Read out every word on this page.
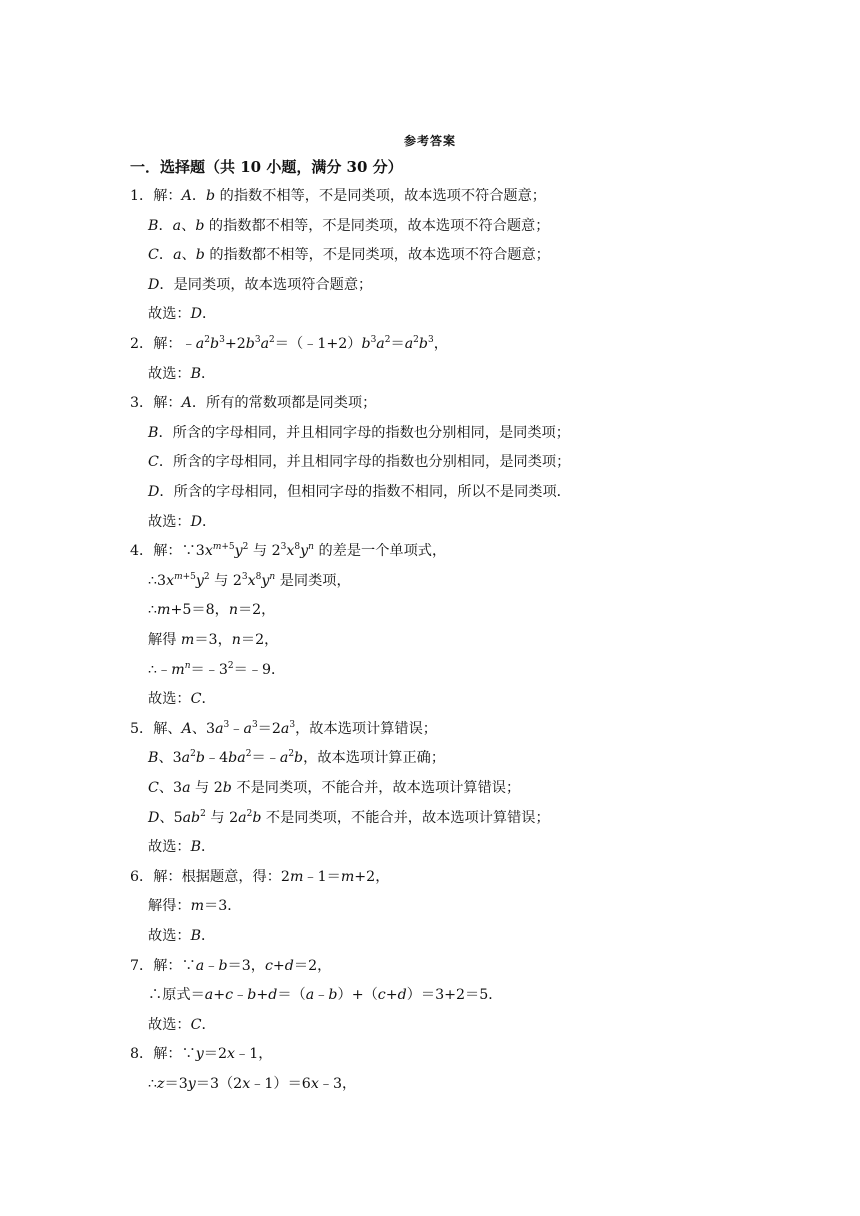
参考答案
一．选择题（共 10 小题，满分 30 分）
1．解：A．b 的指数不相等，不是同类项，故本选项不符合题意；
B．a、b 的指数都不相等，不是同类项，故本选项不符合题意；
C．a、b 的指数都不相等，不是同类项，故本选项不符合题意；
D．是同类项，故本选项符合题意；
故选：D．
2．解：$﹣a^2b^3+2b^3a^2=(﹣1+2)b^3a^2=a^2b^3$，
故选：B．
3．解：A．所有的常数项都是同类项；
B．所含的字母相同，并且相同字母的指数也分别相同，是同类项；
C．所含的字母相同，并且相同字母的指数也分别相同，是同类项；
D．所含的字母相同，但相同字母的指数不相同，所以不是同类项．
故选：D．
4．解：$\because 3x^{m+5}y^2$ 与 $2^3x^8y^n$ 的差是一个单项式，
$\therefore 3x^{m+5}y^2$ 与 $2^3x^8y^n$ 是同类项，
∴m+5＝8，n＝2，
解得 m＝3，n＝2，
$\therefore﹣m^n=﹣3^2=﹣9$．
故选：C．
5．解、A、$3a^3﹣a^3=2a^3$，故本选项计算错误；
B、$3a^2b﹣4ba^2=﹣a^2b$，故本选项计算正确；
C、3a 与 2b 不是同类项，不能合并，故本选项计算错误；
D、$5ab^2$ 与 $2a^2b$ 不是同类项，不能合并，故本选项计算错误；
故选：B．
6．解：根据题意，得：2m﹣1＝m+2，
解得：m＝3．
故选：B．
7．解：∵a﹣b＝3，c+d＝2，
∴原式＝a+c﹣b+d＝（a﹣b）+（c+d）＝3+2＝5．
故选：C．
8．解：∵y＝2x﹣1，
∴z＝3y＝3（2x﹣1）＝6x﹣3，
